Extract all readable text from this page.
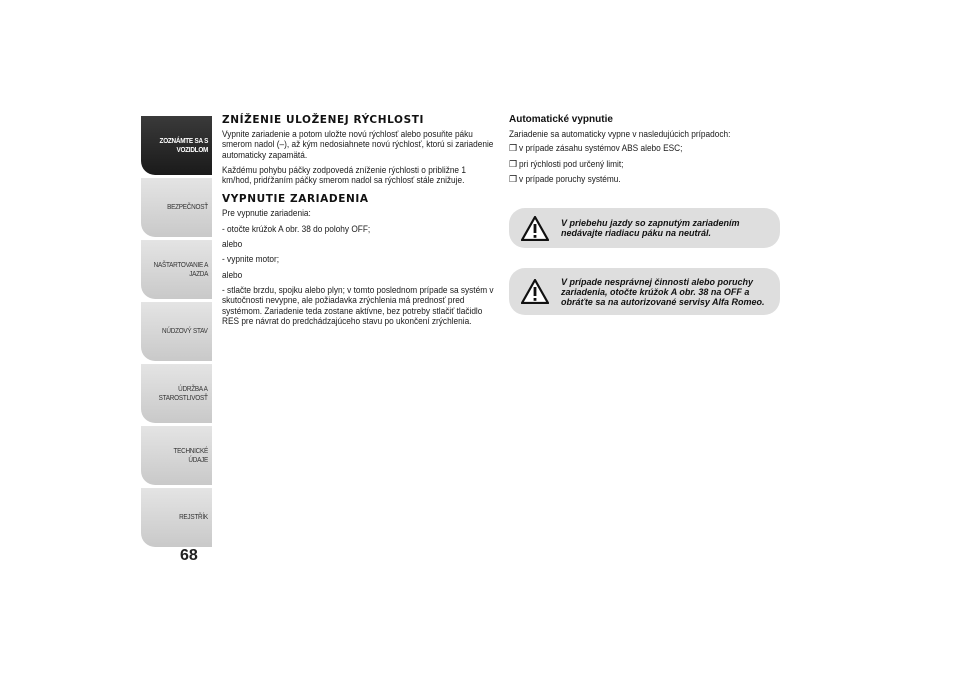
ZOZNÁMTE SA S
VOZIDLOM
BEZPEČNOSŤ
NAŠTARTOVANIE A
JAZDA
NÚDZOVÝ STAV
ÚDRŽBA A
STAROSTLIVOSŤ
TECHNICKÉ ÚDAJE
REJSTŘÍK
68
ZNÍŽENIE ULOŽENEJ RÝCHLOSTI

Vypnite zariadenie a potom uložte novú rýchlosť alebo posuňte páku smerom nadol (–), až kým nedosiahnete novú rýchlosť, ktorú si zariadenie automaticky zapamätá.

Každému pohybu páčky zodpovedá zníženie rýchlosti o približne 1 km/hod, pridŕžaním páčky smerom nadol sa rýchlosť stále znižuje.

VYPNUTIE ZARIADENIA

Pre vypnutie zariadenia:

- otočte krúžok A obr. 38 do polohy OFF;

alebo

- vypnite motor;

alebo

- stlačte brzdu, spojku alebo plyn; v tomto poslednom prípade sa systém v skutočnosti nevypne, ale požiadavka zrýchlenia má prednosť pred systémom. Zariadenie teda zostane aktívne, bez potreby stlačiť tlačidlo RES pre návrat do predchádzajúceho stavu po ukončení zrýchlenia.

Automatické vypnutie

Zariadenie sa automaticky vypne v nasledujúcich prípadoch:

❒ v prípade zásahu systémov ABS alebo ESC;
❒ pri rýchlosti pod určený limit;
❒ v prípade poruchy systému.
V priebehu jazdy so zapnutým zariadením nedávajte riadiacu páku na neutrál.
V prípade nesprávnej činnosti alebo poruchy zariadenia, otočte krúžok A obr. 38 na OFF a obráťte sa na autorizované servisy Alfa Romeo.
